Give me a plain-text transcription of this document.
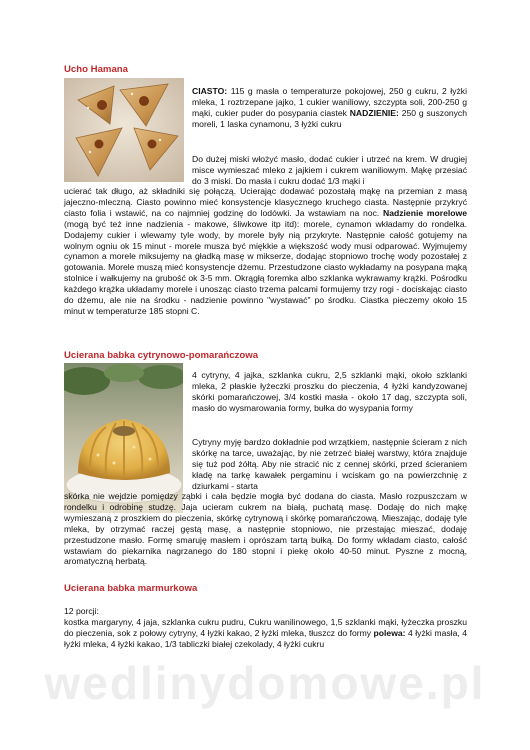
Ucho Hamana
CIASTO: 115 g masła o temperaturze pokojowej, 250 g cukru, 2 łyżki mleka, 1 roztrzepane jajko, 1 cukier waniliowy, szczypta soli, 200-250 g mąki, cukier puder do posypania ciastek NADZIENIE: 250 g suszonych moreli, 1 laska cynamonu, 3 łyżki cukru
Do dużej miski włożyć masło, dodać cukier i utrzeć na krem. W drugiej misce wymieszać mleko z jajkiem i cukrem waniliowym. Mąkę przesiać do 3 miski. Do masła i cukru dodać 1/3 mąki i
ucierać tak długo, aż składniki się połączą. Ucierając dodawać pozostałą mąkę na przemian z masą jajeczno-mleczną. Ciasto powinno mieć konsystencje klasycznego kruchego ciasta. Następnie przykryć ciasto folia i wstawić, na co najmniej godzinę do lodówki. Ja wstawiam na noc. Nadzienie morelowe (mogą być też inne nadzienia - makowe, śliwkowe itp itd): morele, cynamon wkładamy do rondelka. Dodajemy cukier i wlewamy tyle wody, by morele były nią przykryte. Następnie całość gotujemy na wolnym ogniu ok 15 minut - morele musza być miękkie a większość wody musi odparować. Wyjmujemy cynamon a morele miksujemy na gładką masę w mikserze, dodając stopniowo trochę wody pozostałej z gotowania. Morele muszą mieć konsystencje dżemu. Przestudzone ciasto wykładamy na posypana mąką stolnice i wałkujemy na grubość ok 3-5 mm. Okrągłą foremka albo szklanka wykrawamy krążki. Pośrodku każdego krążka układamy morele i unosząc ciasto trzema palcami formujemy trzy rogi - dociskając ciasto do dżemu, ale nie na środku - nadzienie powinno "wystawać" po środku. Ciastka pieczemy około 15 minut w temperaturze 185 stopni C.
Ucierana babka cytrynowo-pomarańczowa
4 cytryny, 4 jajka, szklanka cukru, 2,5 szklanki mąki, około szklanki mleka, 2 płaskie łyżeczki proszku do pieczenia, 4 łyżki kandyzowanej skórki pomarańczowej, 3/4 kostki masła - około 17 dag, szczypta soli, masło do wysmarowania formy, bułka do wysypania formy
Cytryny myję bardzo dokładnie pod wrzątkiem, następnie ścieram z nich skórkę na tarce, uważając, by nie zetrzeć białej warstwy, która znajduje się tuż pod żółtą. Aby nie stracić nic z cennej skórki, przed ścieraniem kładę na tarkę kawałek pergaminu i wciskam go na powierzchnię z dziurkami - starta
skórka nie wejdzie pomiędzy ząbki i cała będzie mogła być dodana do ciasta. Masło rozpuszczam w rondelku i odrobinę studzę. Jaja ucieram cukrem na białą, puchatą masę. Dodaję do nich mąkę wymieszaną z proszkiem do pieczenia, skórkę cytrynową i skórkę pomarańczową. Mieszając, dodaję tyle mleka, by otrzymać raczej gęstą masę, a następnie stopniowo, nie przestając mieszać, dodaję przestudzone masło. Formę smaruję masłem i oprószam tartą bułką. Do formy wkładam ciasto, całość wstawiam do piekarnika nagrzanego do 180 stopni i piekę około 40-50 minut. Pyszne z mocną, aromatyczną herbatą.
Ucierana babka marmurkowa
12 porcji:
kostka margaryny, 4 jaja, szklanka cukru pudru, Cukru wanilinowego, 1,5 szklanki mąki, łyżeczka proszku do pieczenia, sok z połowy cytryny, 4 łyżki kakao, 2 łyżki mleka, tłuszcz do formy polewa: 4 łyżki masła, 4 łyżki mleka, 4 łyżki kakao, 1/3 tabliczki białej czekolady, 4 łyżki cukru
wedlinydomowe.pl
